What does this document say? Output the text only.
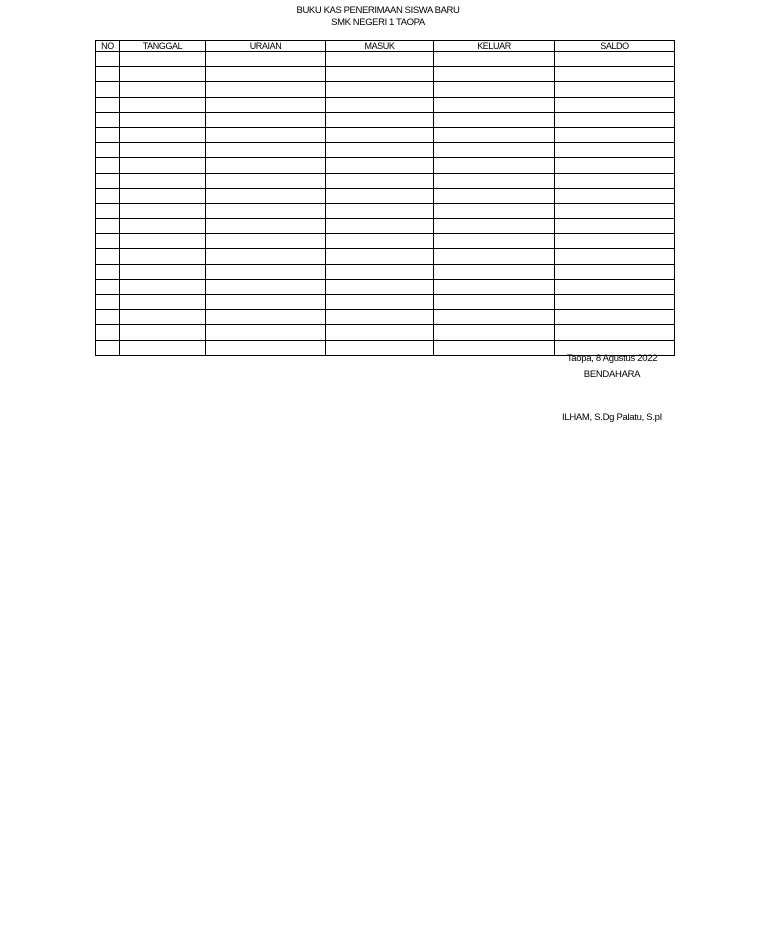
BUKU KAS PENERIMAAN SISWA BARU
SMK NEGERI 1 TAOPA
NO	TANGGAL	URAIAN	MASUK	KELUAR	SALDO

Taopa, 8 Agustus 2022
BENDAHARA
ILHAM, S.Dg Palatu, S.pI
